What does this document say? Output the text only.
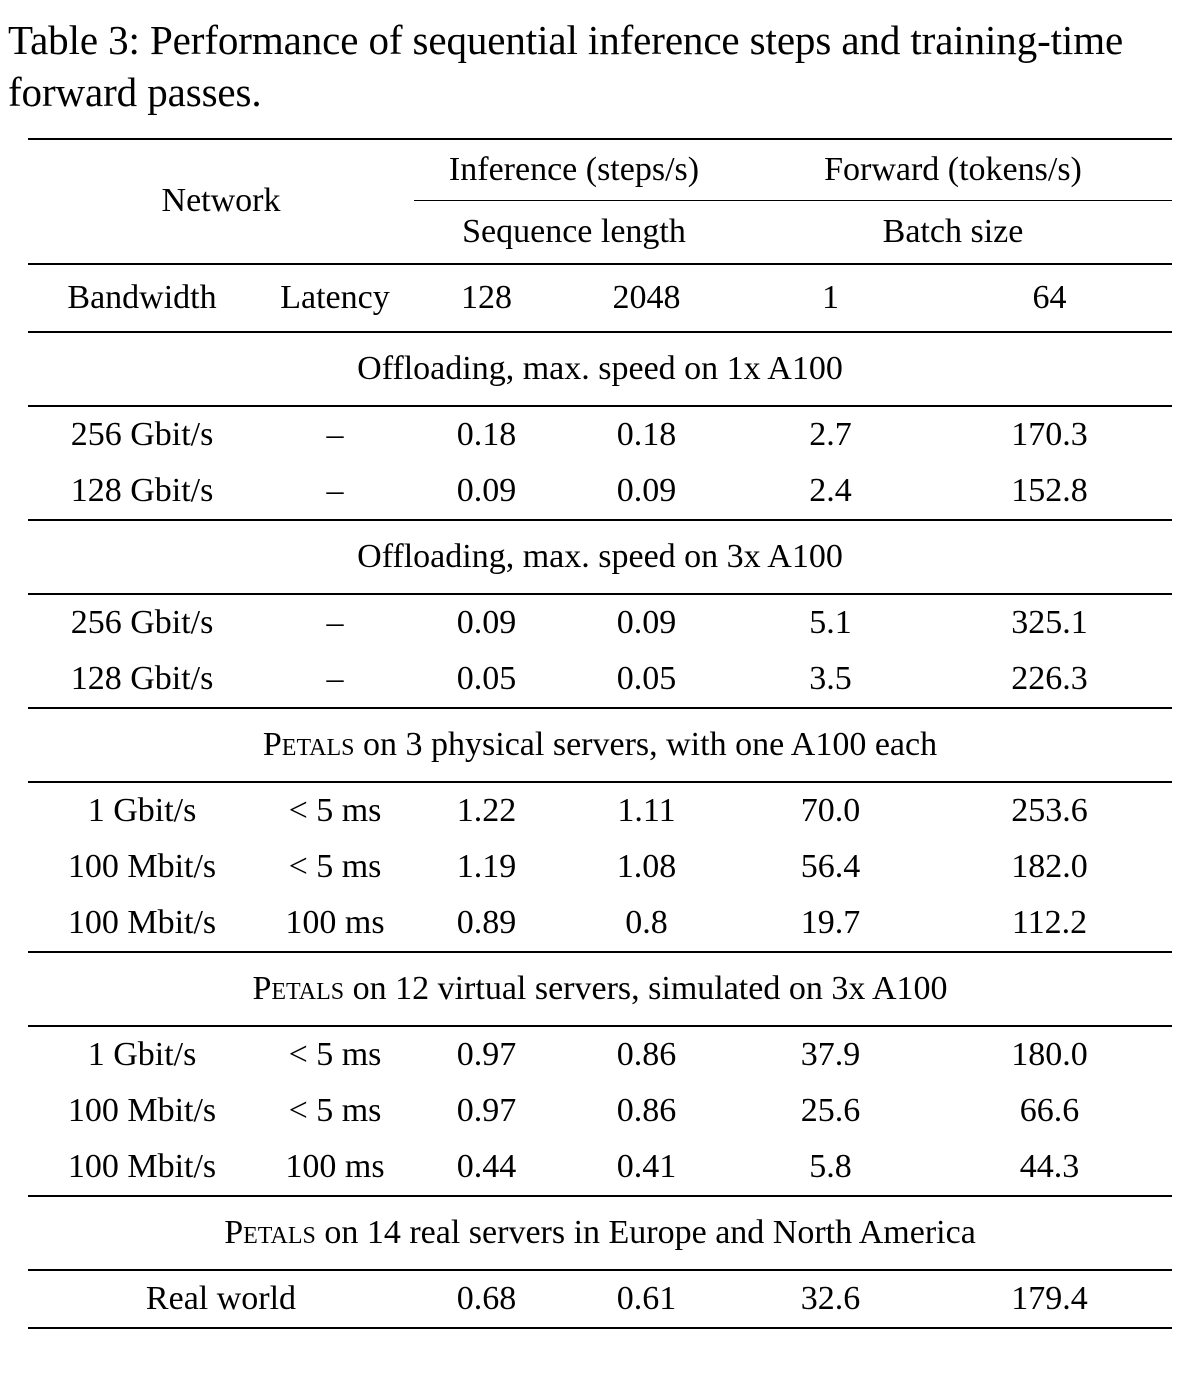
Table 3: Performance of sequential inference steps and training-time forward passes.

Network		Inference (steps/s)		Forward (tokens/s)	
		Sequence length		Batch size	

Bandwidth	Latency	128	2048	1	64

Offloading, max. speed on 1x A100					

256 Gbit/s	–	0.18	0.18	2.7	170.3
128 Gbit/s	–	0.09	0.09	2.4	152.8

Offloading, max. speed on 3x A100					

256 Gbit/s	–	0.09	0.09	5.1	325.1
128 Gbit/s	–	0.05	0.05	3.5	226.3

Petals on 3 physical servers, with one A100 each					

1 Gbit/s	< 5 ms	1.22	1.11	70.0	253.6
100 Mbit/s	< 5 ms	1.19	1.08	56.4	182.0
100 Mbit/s	100 ms	0.89	0.8	19.7	112.2

Petals on 12 virtual servers, simulated on 3x A100					

1 Gbit/s	< 5 ms	0.97	0.86	37.9	180.0
100 Mbit/s	< 5 ms	0.97	0.86	25.6	66.6
100 Mbit/s	100 ms	0.44	0.41	5.8	44.3

Petals on 14 real servers in Europe and North America					

Real world		0.68	0.61	32.6	179.4
